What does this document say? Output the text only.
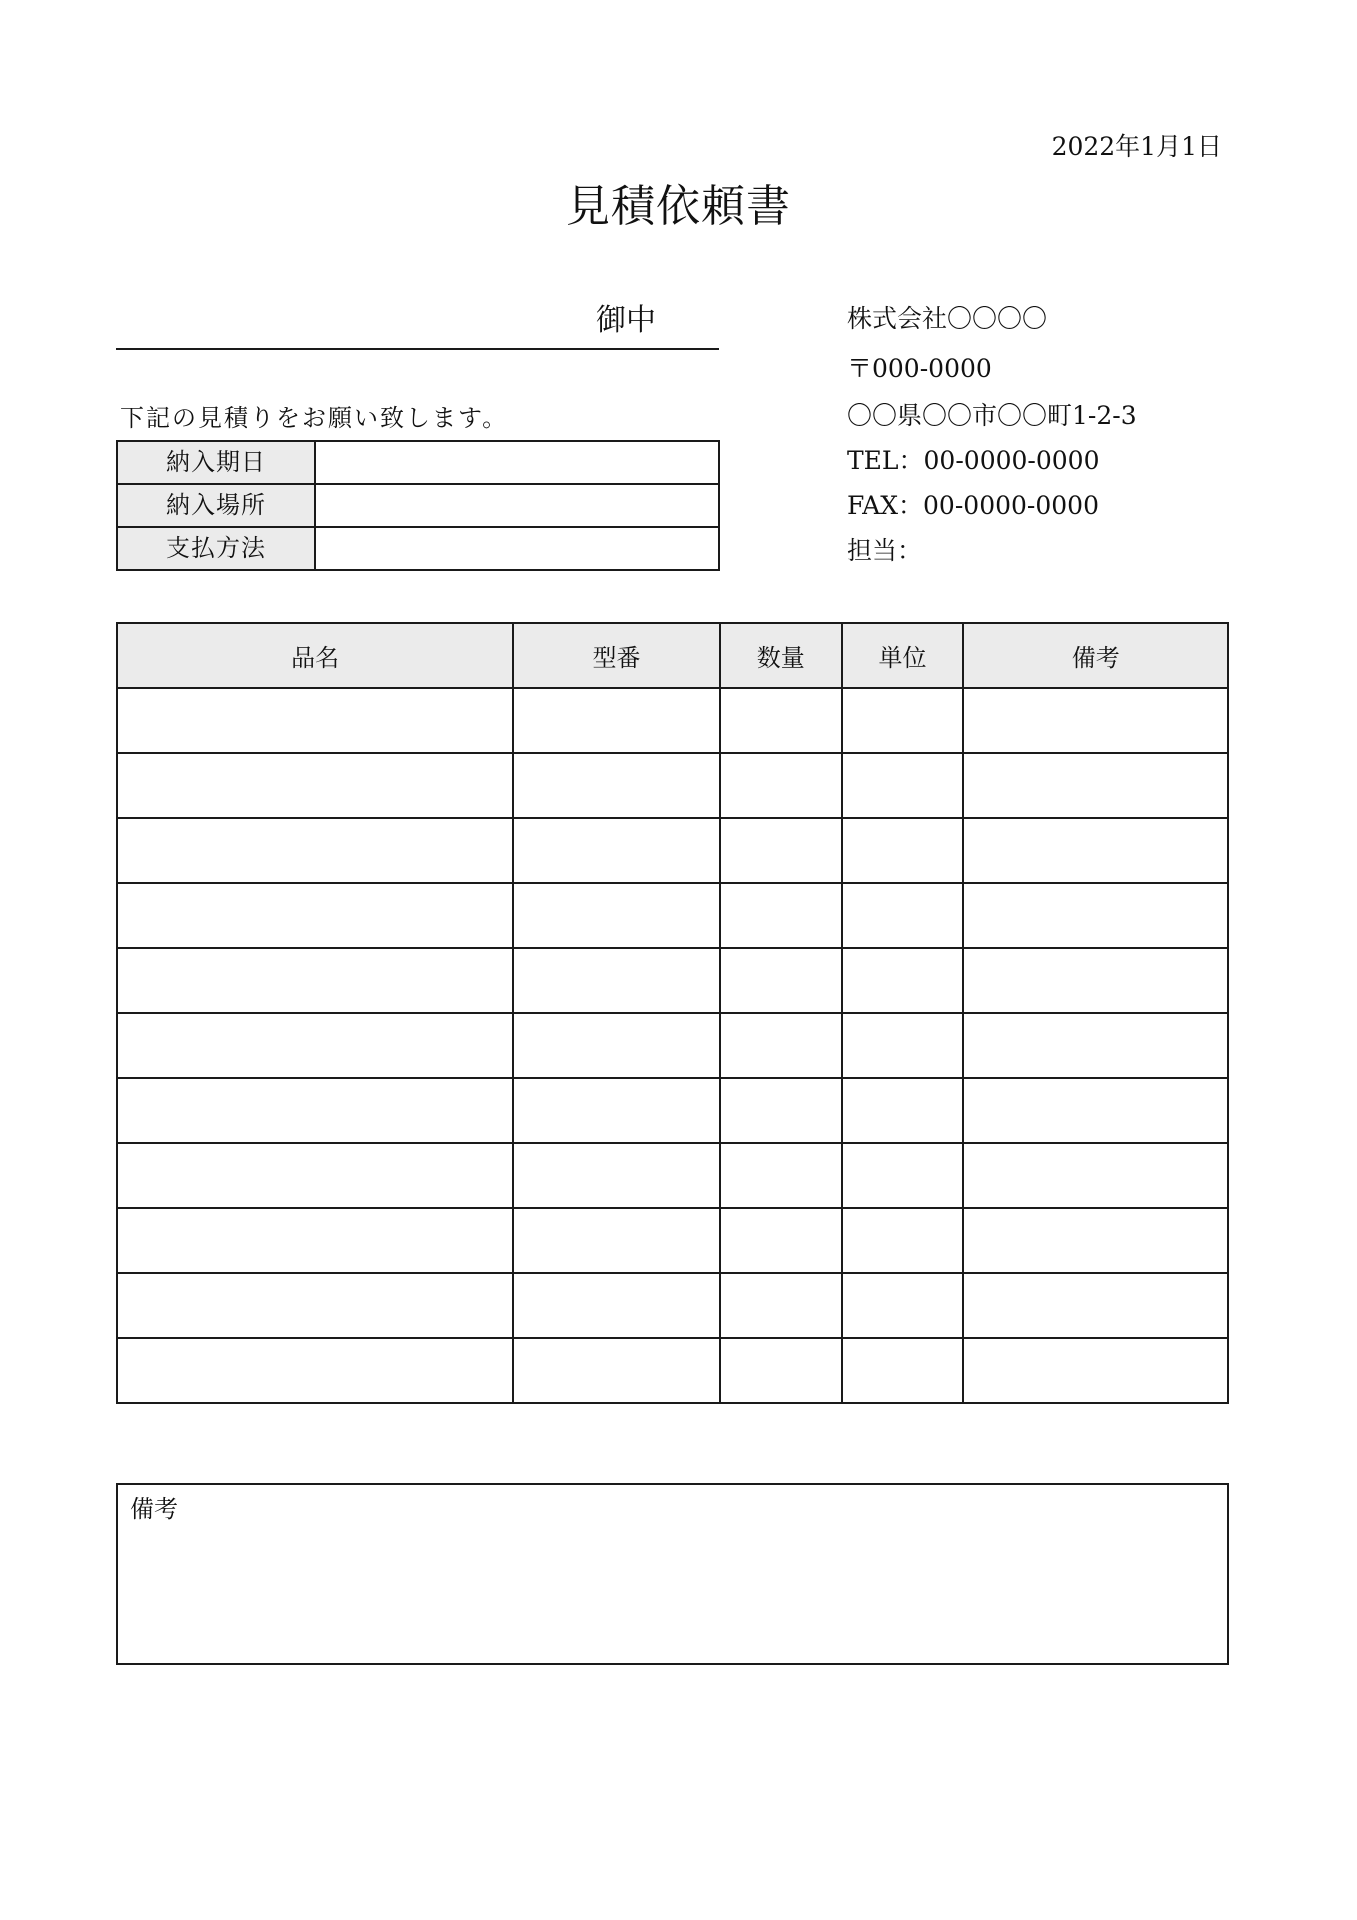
2022年1月1日
見積依頼書
御中
下記の見積りをお願い致します。
納入期日	
納入場所	
支払方法	
株式会社〇〇〇〇
〒000-0000
〇〇県〇〇市〇〇町1-2-3
TEL：00-0000-0000
FAX：00-0000-0000
担当：
品名	型番	数量	単位	備考

備考
